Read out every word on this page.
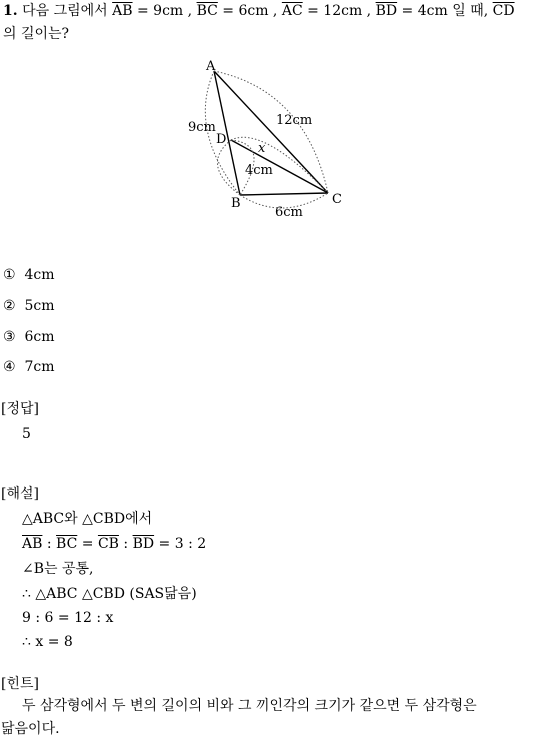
1. 다음 그림에서 $\overline{AB} = 9cm$ , $\overline{BC} = 6cm$ , $\overline{AC} = 12cm$ , $\overline{BD} = 4cm$ 일 때, $\overline{CD}$
의 길이는?
A
B	C
D
9cm	12cm
4cm
6cm
x
① 4cm
② 5cm
③ 6cm
④ 7cm
[정답]
5
[해설]
△ABC와 △CBD에서
$\overline{AB}$ : $\overline{BC} = \overline{CB}$ : $\overline{BD} = 3$ : 2
∠B는 공통,
∴ △ABC △CBD (SAS닮음)
9 : 6 = 12 : x
∴ x = 8
[힌트]
두 삼각형에서 두 변의 길이의 비와 그 끼인각의 크기가 같으면 두 삼각형은
닮음이다.
